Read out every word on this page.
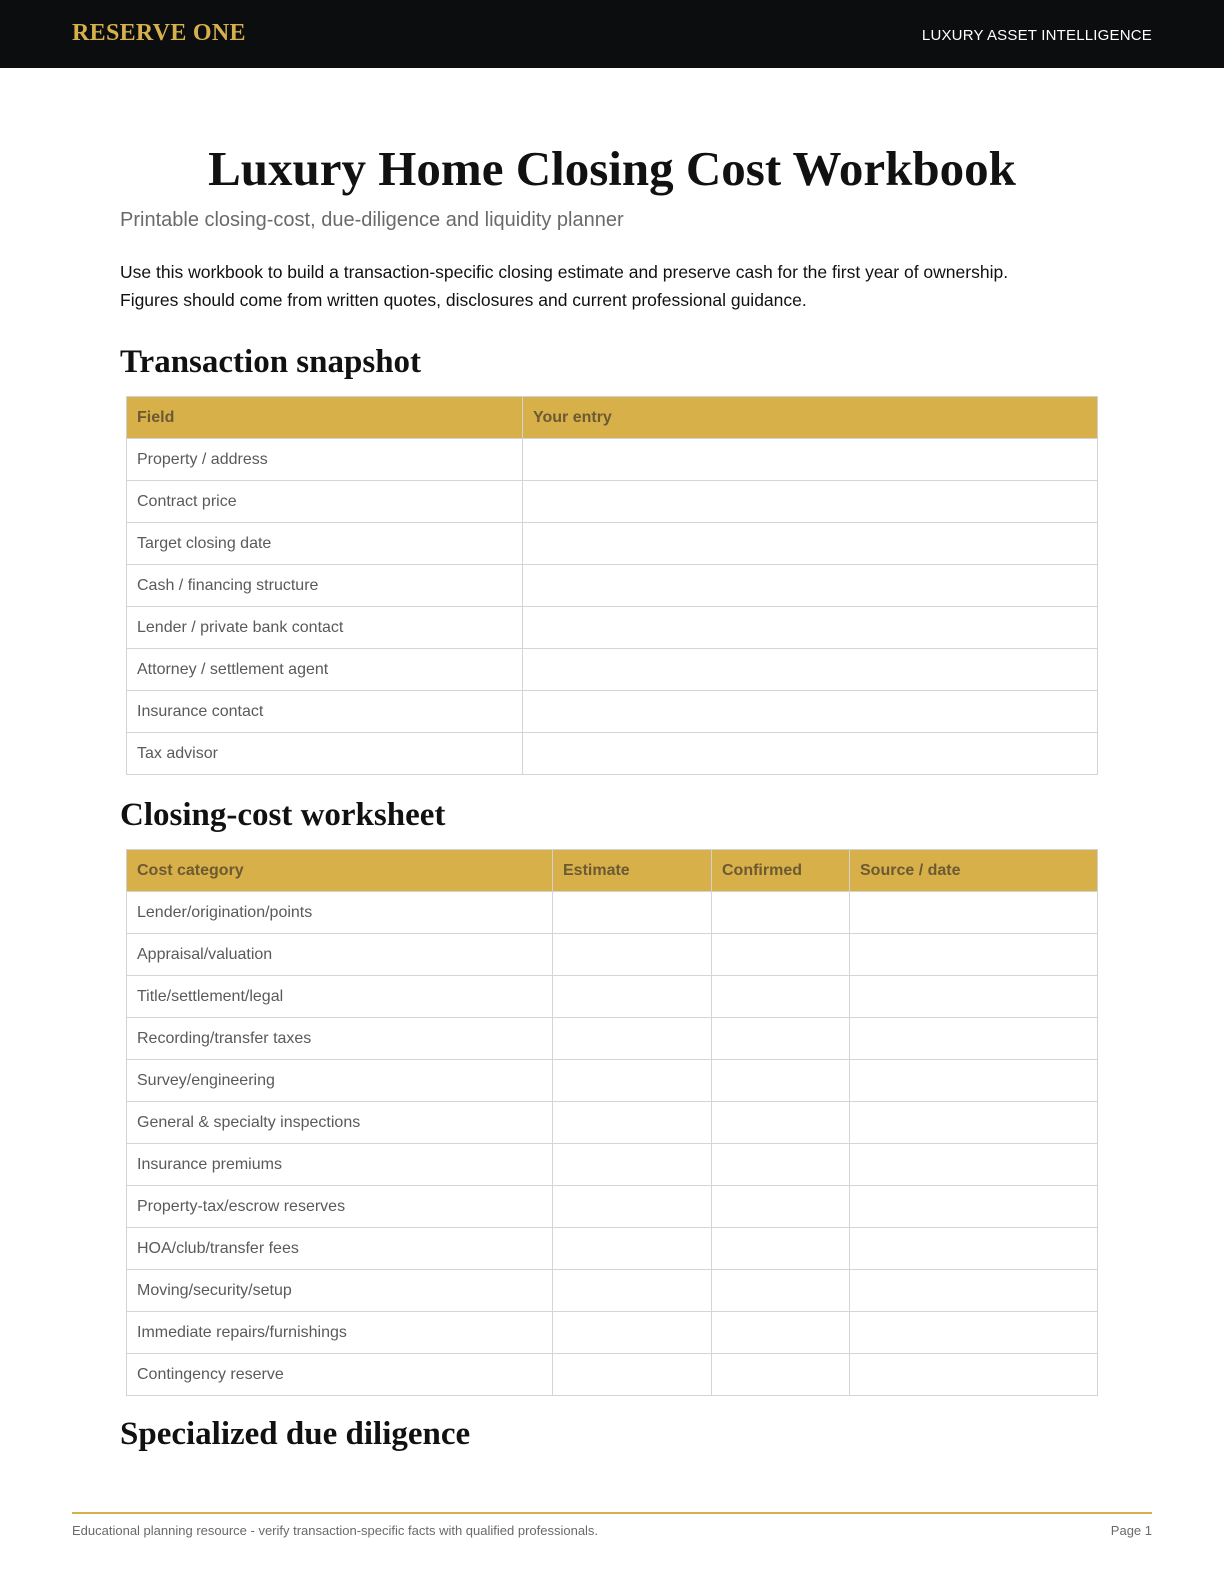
RESERVE ONE	LUXURY ASSET INTELLIGENCE
Luxury Home Closing Cost Workbook
Printable closing-cost, due-diligence and liquidity planner
Use this workbook to build a transaction-specific closing estimate and preserve cash for the first year of ownership.
Figures should come from written quotes, disclosures and current professional guidance.
Transaction snapshot
Field	Your entry
Property / address	
Contract price	
Target closing date	
Cash / financing structure	
Lender / private bank contact	
Attorney / settlement agent	
Insurance contact	
Tax advisor	
Closing-cost worksheet
Cost category	Estimate	Confirmed	Source / date
Lender/origination/points			
Appraisal/valuation			
Title/settlement/legal			
Recording/transfer taxes			
Survey/engineering			
General & specialty inspections			
Insurance premiums			
Property-tax/escrow reserves			
HOA/club/transfer fees			
Moving/security/setup			
Immediate repairs/furnishings			
Contingency reserve			
Specialized due diligence
Educational planning resource - verify transaction-specific facts with qualified professionals.	Page 1
